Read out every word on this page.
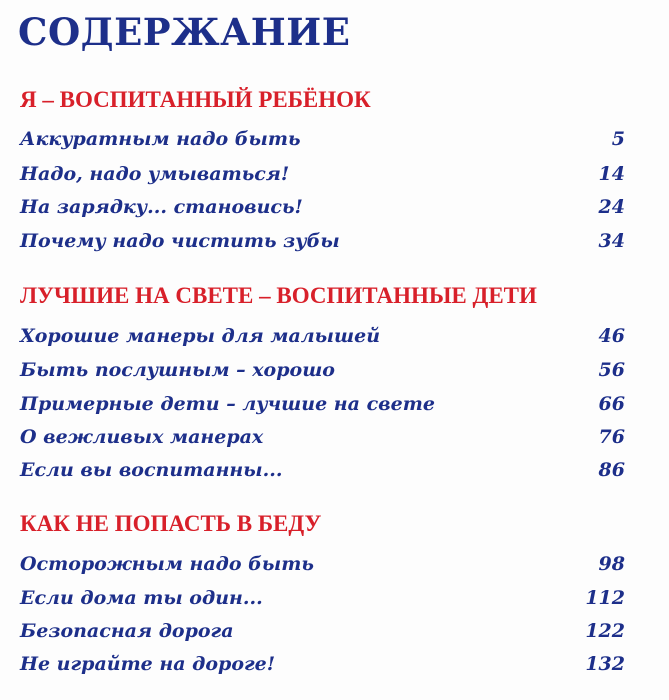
СОДЕРЖАНИЕ
Я – ВОСПИТАННЫЙ РЕБЁНОК
Аккуратным надо быть	5
Надо, надо умываться!	14
На зарядку... становись!	24
Почему надо чистить зубы	34
ЛУЧШИЕ НА СВЕТЕ – ВОСПИТАННЫЕ ДЕТИ
Хорошие манеры для малышей	46
Быть послушным – хорошо	56
Примерные дети – лучшие на свете	66
О вежливых манерах	76
Если вы воспитанны...	86
КАК НЕ ПОПАСТЬ В БЕДУ
Осторожным надо быть	98
Если дома ты один...	112
Безопасная дорога	122
Не играйте на дороге!	132
